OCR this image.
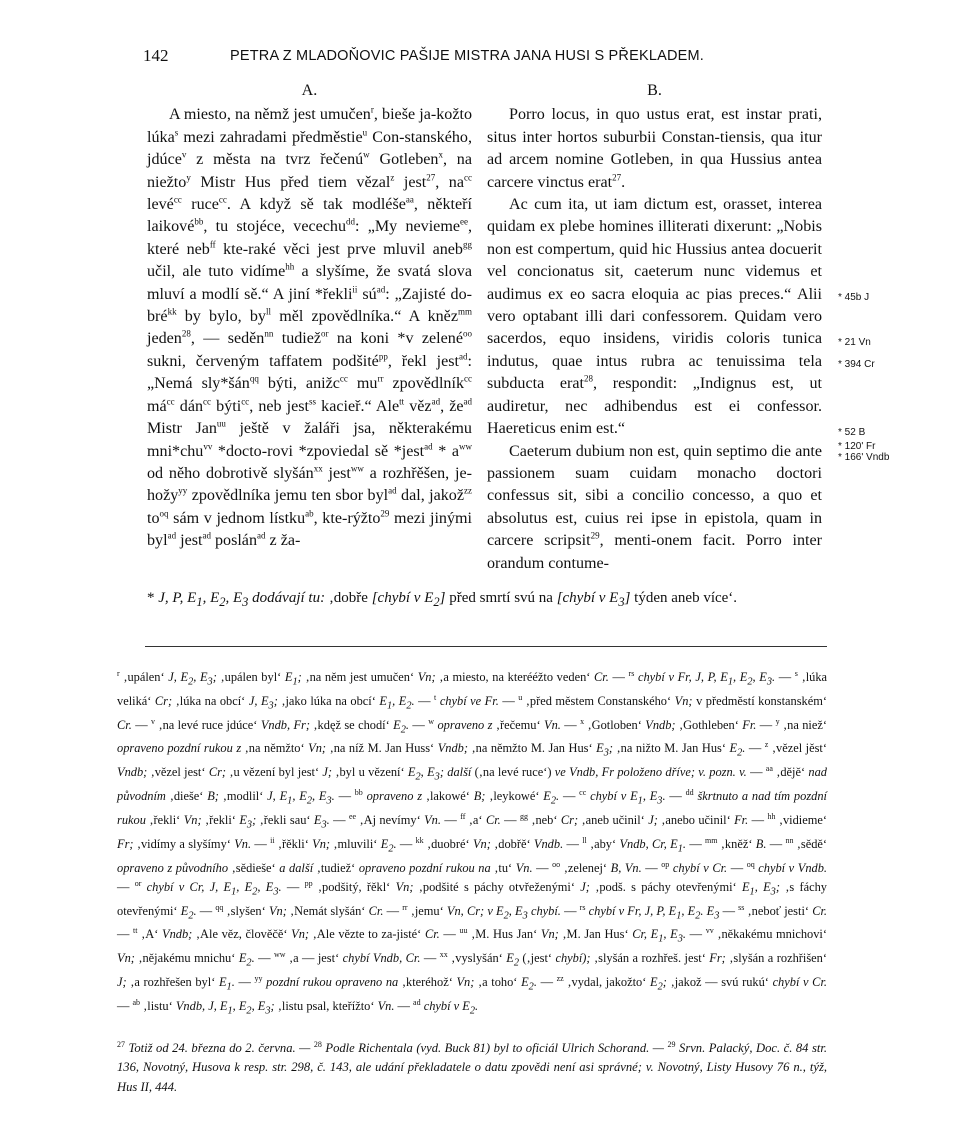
142	PETRA Z MLADOŇOVIC PAŠIJE MISTRA JANA HUSI S PŘEKLADEM.
A.

A miesto, na němž jest umučen$^r$, bieše ja-kožto lúka$^s$ mezi zahradami předměstie$^u$ Con-stanského, jdúce$^v$ z města na tvrz řečenú$^w$ Gotleben$^x$, na niežto$^y$ Mistr Hus před tiem vězal$^z$ jest$^{27}$, $na^{cc}$ levé$^{cc}$ ruce$^{cc}$. A když sě tak modléše$^{aa}$, někteří laikové$^{bb}$, tu stojéce, vecechu$^{dd}$: „My nevieme$^{ee}$, které neb$^{ff}$ kte-raké věci jest prve mluvil aneb$^{gg}$ učil, ale tuto vidíme$^{hh}$ a slyšíme, že svatá slova mluví a modlí sě.“ A jiní *řekli$^{ii}$ $sú^{ad}$: „Zajisté do-bré$^{kk}$ by bylo, $by^{ll}$ měl zpovědlníka.“ A kněz$^{mm}$ jeden$^{28}$, — seděn$^{nn}$ tudiež$^{or}$ na koni *v zelené$^{oo}$ sukni, červeným taffatem podšité$^{pp}$, řekl jest$^{ad}$: „Nemá sly*šán$^{qq}$ býti, anižc$^{cc}$ $mu^{rr}$ zpovědlník$^{cc}$ $má^{cc}$ dán$^{cc}$ býti$^{cc}$, neb jest$^{ss}$ kacieř.“ Ale$^{tt}$ věz$^{ad}$, $že^{ad}$ Mistr Jan$^{uu}$ ještě v žaláři jsa, některakému mni*chu$^{vv}$ *docto-rovi *zpoviedal sě *jest$^{ad}$ * $a^{ww}$ od něho dobrotivě slyšán$^{xx}$ jest$^{ww}$ a rozhřěšen, je-hožy$^{yy}$ zpovědlníka jemu ten sbor byl$^{ad}$ dal, jakož$^{zz}$ $to^{oq}$ sám v jednom lístku$^{ab}$, kte-rýžto$^{29}$ mezi jinými byl$^{ad}$ jest$^{ad}$ poslán$^{ad}$ z ža-

B.

Porro locus, in quo ustus erat, est instar prati, situs inter hortos suburbii Constan-tiensis, qua itur ad arcem nomine Gotleben, in qua Hussius antea carcere vinctus erat$^{27}$.

Ac cum ita, ut iam dictum est, orasset, interea quidam ex plebe homines illiterati dixerunt: „Nobis non est compertum, quid hic Hussius antea docuerit vel concionatus sit, caeterum nunc videmus et audimus ex eo sacra eloquia ac pias preces.“ Alii vero optabant illi dari confessorem. Quidam vero sacerdos, equo insidens, viridis coloris tunica indutus, quae intus rubra ac tenuissima tela subducta erat$^{28}$, respondit: „Indignus est, ut audiretur, nec adhibendus est ei confessor. Haereticus enim est.“

Caeterum dubium non est, quin septimo die ante passionem suam cuidam monacho doctori confessus sit, sibi a concilio concesso, a quo et absolutus est, cuius rei ipse in epistola, quam in carcere scripsit$^{29}$, menti-onem facit. Porro inter orandum contume-

* 45b J
* 21 Vn
* 394 Cr
* 52 B
* 120' Fr
* 166' Vndb
* J, P, $E_1$, $E_2$, $E_3$ dodávají tu: ‚dobře [chybí v $E_2$] před smrtí svú na [chybí v $E_3$] týden aneb více‘.
$^r$ ‚upálen‘ J, $E_2$, $E_3$; ‚upálen byl‘ $E_1$; ‚na něm jest umučen‘ Vn; ‚a miesto, na kterééžto veden‘ Cr. — $^{rs}$ chybí v Fr, J, P, $E_1$, $E_2$, $E_3$. — $^s$ ‚lúka veliká‘ Cr; ‚lúka na obcí‘ J, $E_3$; ‚jako lúka na obcí‘ $E_1$, $E_2$. — $^t$ chybí ve Fr. — $^u$ ‚před městem Constanského‘ Vn; v předměstí konstanském‘ Cr. — $^v$ ‚na levé ruce jdúce‘ Vndb, Fr; ‚kdęž se chodí‘ $E_2$. — $^w$ opraveno z ‚řečemu‘ Vn. — $^x$ ‚Gotloben‘ Vndb; ‚Gothleben‘ Fr. — $^y$ ‚na niež‘ opraveno pozdní rukou z ‚na němžto‘ Vn; ‚na níž M. Jan Huss‘ Vndb; ‚na němžto M. Jan Hus‘ $E_3$; ‚na nižto M. Jan Hus‘ $E_2$. — $^z$ ‚vězel jěst‘ Vndb; ‚vězel jest‘ Cr; ‚u vězení byl jest‘ J; ‚byl u vězení‘ $E_2$, $E_3$; další (‚na levé ruce‘) ve Vndb, Fr položeno dříve; v. pozn. v. — $^{aa}$ ‚dějě‘ nad původním ‚dieše‘ B; ‚modlil‘ J, $E_1$, $E_2$, $E_3$. — $^{bb}$ opraveno z ‚lakowé‘ B; ‚leykowé‘ $E_2$. — $^{cc}$ chybí v $E_1$, $E_3$. — $^{dd}$ škrtnuto a nad tím pozdní rukou ‚řekli‘ Vn; ‚řekli‘ $E_3$; ‚řekli sau‘ $E_3$. — $^{ee}$ ‚Aj nevímy‘ Vn. — $^{ff}$ ‚a‘ Cr. — $^{gg}$ ‚neb‘ Cr; ‚aneb učinil‘ J; ‚anebo učinil‘ Fr. — $^{hh}$ ‚vidieme‘ Fr; ‚vidímy a slyšímy‘ Vn. — $^{ii}$ ‚řěkli‘ Vn; ‚mluvili‘ $E_2$. — $^{kk}$ ‚duobré‘ Vn; ‚dobřě‘ Vndb. — $^{ll}$ ‚aby‘ Vndb, Cr, $E_1$. — $^{mm}$ ‚kněž‘ B. — $^{nn}$ ‚sědě‘ opraveno z původního ‚sědieše‘ a další ‚tudiež‘ opraveno pozdní rukou na ‚tu‘ Vn. — $^{oo}$ ‚zelenej‘ B, Vn. — $^{op}$ chybí v Cr. — $^{oq}$ chybí v Vndb. — $^{or}$ chybí v Cr, J, $E_1$, $E_2$, $E_3$. — $^{pp}$ ‚podšitý, řěkl‘ Vn; ‚podšité s páchy otvřeženými‘ J; ‚podš. s páchy otevřenými‘ $E_1$, $E_3$; ‚s fáchy otevřenými‘ $E_2$. — $^{qq}$ ‚slyšen‘ Vn; ‚Nemát slyšán‘ Cr. — $^{rr}$ ‚jemu‘ Vn, Cr; v $E_2$, $E_3$ chybí. — $^{rs}$ chybí v Fr, J, P, $E_1$, $E_2$. $E_3$ — $^{ss}$ ‚neboť jesti‘ Cr. — $^{tt}$ ‚A‘ Vndb; ‚Ale věz, člověčě‘ Vn; ‚Ale vězte to za-jisté‘ Cr. — $^{uu}$ ‚M. Hus Jan‘ Vn; ‚M. Jan Hus‘ Cr, $E_1$, $E_3$. — $^{vv}$ ‚někakému mnichovi‘ Vn; ‚nějakému mnichu‘ $E_2$. — $^{ww}$ ‚a — jest‘ chybí Vndb, Cr. — $^{xx}$ ‚vyslyšán‘ $E_2$ (‚jest‘ chybí); ‚slyšán a rozhřeš. jest‘ Fr; ‚slyšán a rozhřišen‘ J; ‚a rozhřešen byl‘ $E_1$. — $^{yy}$ pozdní rukou opraveno na ‚kteréhož‘ Vn; ‚a toho‘ $E_2$. — $^{zz}$ ‚vydal, jakožto‘ $E_2$; ‚jakož — svú rukú‘ chybí v Cr. — $^{ab}$ ‚listu‘ Vndb, J, $E_1$, $E_2$, $E_3$; ‚listu psal, kteřížto‘ Vn. — $^{ad}$ chybí v $E_2$.
$^{27}$ Totiž od 24. března do 2. června. — $^{28}$ Podle Richentala (vyd. Buck 81) byl to oficiál Ulrich Schorand. — $^{29}$ Srvn. Palacký, Doc. č. 84 str. 136, Novotný, Husova k resp. str. 298, č. 143, ale udání překladatele o datu zpovědi není asi správné; v. Novotný, Listy Husovy 76 n., týž, Hus II, 444.
